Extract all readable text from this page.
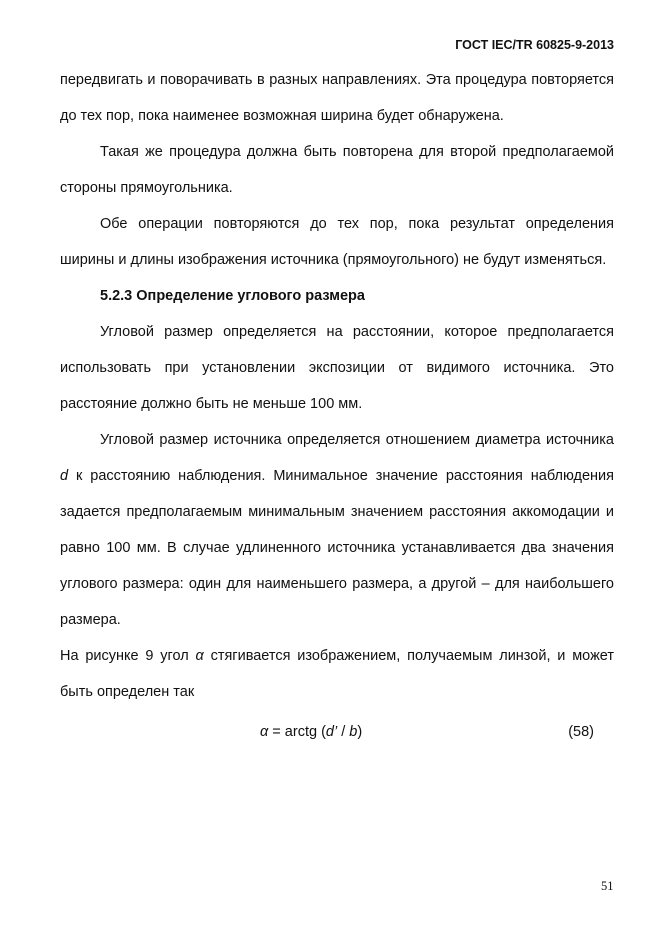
ГОСТ IEC/TR 60825-9-2013

передвигать и поворачивать в разных направлениях. Эта процедура повторяется до тех пор, пока наименее возможная ширина будет обнаружена.

Такая же процедура должна быть повторена для второй предполагаемой стороны прямоугольника.

Обе операции повторяются до тех пор, пока результат определения ширины и длины изображения источника (прямоугольного) не будут изменяться.

5.2.3 Определение углового размера

Угловой размер определяется на расстоянии, которое предполагается использовать при установлении экспозиции от видимого источника. Это расстояние должно быть не меньше 100 мм.

Угловой размер источника определяется отношением диаметра источника d к расстоянию наблюдения. Минимальное значение расстояния наблюдения задается предполагаемым минимальным значением расстояния аккомодации и равно 100 мм. В случае удлиненного источника устанавливается два значения углового размера: один для наименьшего размера, а другой – для наибольшего размера.

На рисунке 9 угол α стягивается изображением, получаемым линзой, и может быть определен так

α = arctg (d’ / b)	(58)
51
